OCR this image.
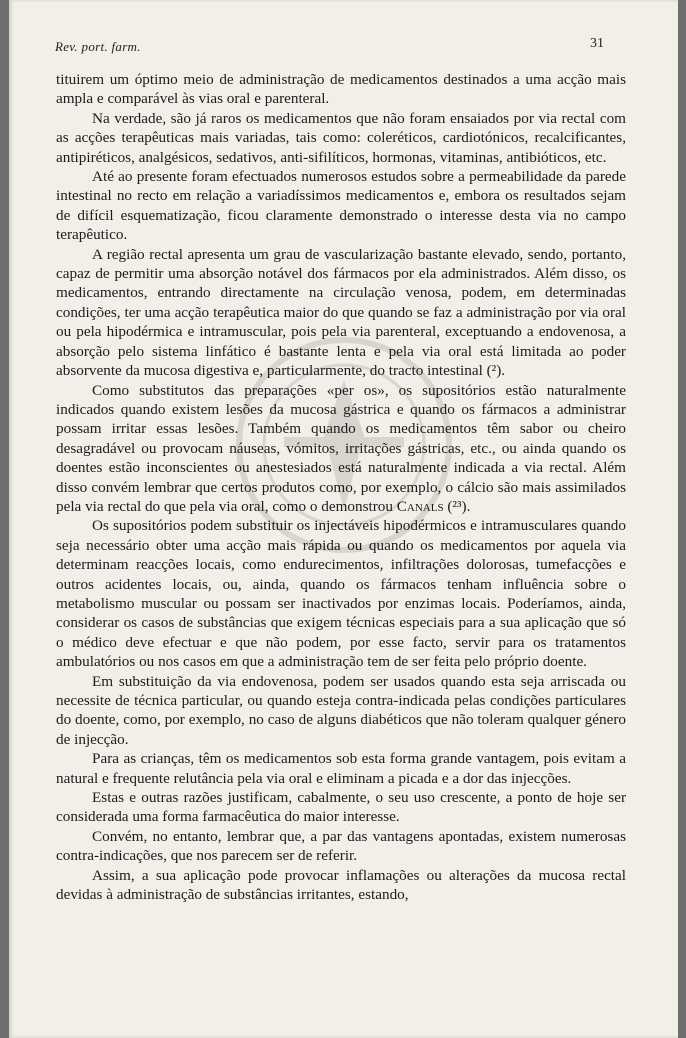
Rev. port. farm.	31

tituirem um óptimo meio de administração de medicamentos destinados a uma acção mais ampla e comparável às vias oral e parenteral.

Na verdade, são já raros os medicamentos que não foram ensaiados por via rectal com as acções terapêuticas mais variadas, tais como: coleréticos, cardiotónicos, recalcificantes, antipiréticos, analgésicos, sedativos, anti-sifilíticos, hormonas, vitaminas, antibióticos, etc.

Até ao presente foram efectuados numerosos estudos sobre a permeabilidade da parede intestinal no recto em relação a variadíssimos medicamentos e, embora os resultados sejam de difícil esquematização, ficou claramente demonstrado o interesse desta via no campo terapêutico.

A região rectal apresenta um grau de vascularização bastante elevado, sendo, portanto, capaz de permitir uma absorção notável dos fármacos por ela administrados. Além disso, os medicamentos, entrando directamente na circulação venosa, podem, em determinadas condições, ter uma acção terapêutica maior do que quando se faz a administração por via oral ou pela hipodérmica e intramuscular, pois pela via parenteral, exceptuando a endovenosa, a absorção pelo sistema linfático é bastante lenta e pela via oral está limitada ao poder absorvente da mucosa digestiva e, particularmente, do tracto intestinal (²).

Como substitutos das preparações «per os», os supositórios estão naturalmente indicados quando existem lesões da mucosa gástrica e quando os fármacos a administrar possam irritar essas lesões. Também quando os medicamentos têm sabor ou cheiro desagradável ou provocam náuseas, vómitos, irritações gástricas, etc., ou ainda quando os doentes estão inconscientes ou anestesiados está naturalmente indicada a via rectal. Além disso convém lembrar que certos produtos como, por exemplo, o cálcio são mais assimilados pela via rectal do que pela via oral, como o demonstrou Canals (²³).

Os supositórios podem substituir os injectáveis hipodérmicos e intramusculares quando seja necessário obter uma acção mais rápida ou quando os medicamentos por aquela via determinam reacções locais, como endurecimentos, infiltrações dolorosas, tumefacções e outros acidentes locais, ou, ainda, quando os fármacos tenham influência sobre o metabolismo muscular ou possam ser inactivados por enzimas locais. Poderíamos, ainda, considerar os casos de substâncias que exigem técnicas especiais para a sua aplicação que só o médico deve efectuar e que não podem, por esse facto, servir para os tratamentos ambulatórios ou nos casos em que a administração tem de ser feita pelo próprio doente.

Em substituição da via endovenosa, podem ser usados quando esta seja arriscada ou necessite de técnica particular, ou quando esteja contra-indicada pelas condições particulares do doente, como, por exemplo, no caso de alguns diabéticos que não toleram qualquer género de injecção.

Para as crianças, têm os medicamentos sob esta forma grande vantagem, pois evitam a natural e frequente relutância pela via oral e eliminam a picada e a dor das injecções.

Estas e outras razões justificam, cabalmente, o seu uso crescente, a ponto de hoje ser considerada uma forma farmacêutica do maior interesse.

Convém, no entanto, lembrar que, a par das vantagens apontadas, existem numerosas contra-indicações, que nos parecem ser de referir.

Assim, a sua aplicação pode provocar inflamações ou alterações da mucosa rectal devidas à administração de substâncias irritantes, estando,
